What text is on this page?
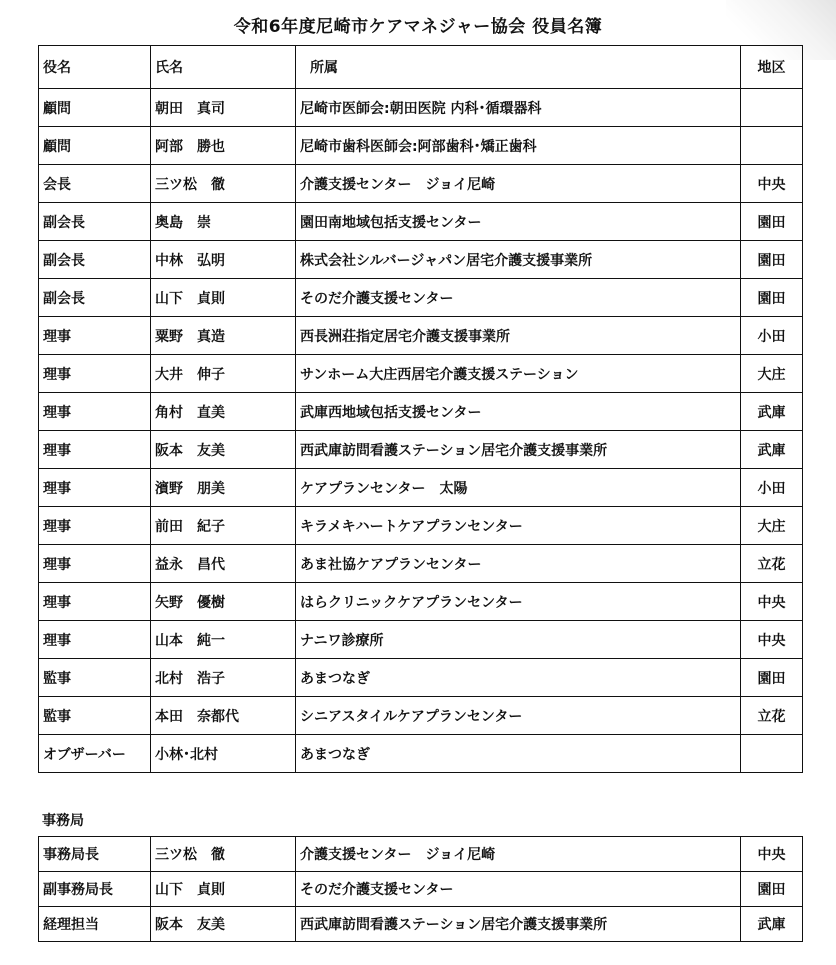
令和6年度尼崎市ケアマネジャー協会 役員名簿
役名	氏名	所属	地区
顧問	朝田　真司	尼崎市医師会:朝田医院 内科･循環器科	
顧問	阿部　勝也	尼崎市歯科医師会:阿部歯科･矯正歯科	
会長	三ツ松　徹	介護支援センター　ジョイ尼崎	中央
副会長	奥島　崇	園田南地域包括支援センター	園田
副会長	中林　弘明	株式会社シルバージャパン居宅介護支援事業所	園田
副会長	山下　貞則	そのだ介護支援センター	園田
理事	粟野　真造	西長洲荘指定居宅介護支援事業所	小田
理事	大井　伸子	サンホーム大庄西居宅介護支援ステーション	大庄
理事	角村　直美	武庫西地域包括支援センター	武庫
理事	阪本　友美	西武庫訪問看護ステーション居宅介護支援事業所	武庫
理事	濱野　朋美	ケアプランセンター　太陽	小田
理事	前田　紀子	キラメキハートケアプランセンター	大庄
理事	益永　昌代	あま社協ケアプランセンター	立花
理事	矢野　優樹	はらクリニックケアプランセンター	中央
理事	山本　純一	ナニワ診療所	中央
監事	北村　浩子	あまつなぎ	園田
監事	本田　奈都代	シニアスタイルケアプランセンター	立花
オブザーバー	小林･北村	あまつなぎ	
事務局
事務局長	三ツ松　徹	介護支援センター　ジョイ尼崎	中央
副事務局長	山下　貞則	そのだ介護支援センター	園田
経理担当	阪本　友美	西武庫訪問看護ステーション居宅介護支援事業所	武庫
